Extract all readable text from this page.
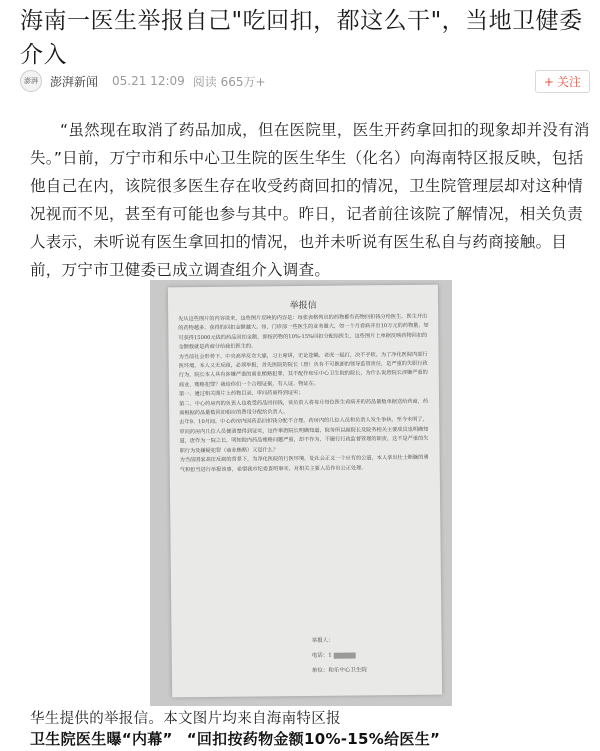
海南一医生举报自己"吃回扣，都这么干"，当地卫健委介入
澎湃 澎湃新闻 05.21 12:09 阅读 665万+	+ 关注
“虽然现在取消了药品加成，但在医院里，医生开药拿回扣的现象却并没有消失。”日前，万宁市和乐中心卫生院的医生华生（化名）向海南特区报反映，包括他自己在内，该院很多医生存在收受药商回扣的情况，卫生院管理层却对这种情况视而不见，甚至有可能也参与其中。昨日，记者前往该院了解情况，相关负责人表示，未听说有医生拿回扣的情况，也并未听说有医生私自与药商接触。目前，万宁市卫健委已成立调查组介入调查。
举报信
先从这些图片的内容谈来，这些图片反映的内容是：每张表格列出的药物都有药物回扣钱分给医生。医生开出的药物越多，获得的回扣金额越大。如，门诊部一些医生的业务量大，如一个月看病开出10万元的药物量，如可获得15000元钱的药品回扣金额，即按药物的10%-15%回扣分配给医生，这些图片上单据反映药物回扣的金额数就是药商分给我们医生的。
为当前社会形势下，中央高举反贪大旗，习主席讲，无论苍蝇、老虎一起打，决不手软。为了净化医院内部行医环境，本人又无反顾，必须举报，首先医院的院长（唐）负有不可推卸的领导监管责任，是严重的失职行政行为，院长本人具有涉嫌严重的商业贿赂犯罪，其不配作和乐中心卫生院的院长，为什么说唐院长涉嫌严重的商业，贿赂犯罪？我给你们一个合理证据，有人证、物证在。
第一、通过相关图片上药物目录，审问药商得到证实；
第二、中心药房内的负责人也收受药品回扣钱，该负责人将每月每位医生看病开的药品量数单据送给药商，药商根据药品量数回扣相应的费用分配给负责人。
去年9、10月间，中心药房内因药品回扣钱分配不合理，药房内的几位人员和负责人发生争执，至今未明了，审问药房内几位人员便清楚得到证实，这件事唐院长明确知道，院务所以副院长及院务相关主要成员也明确知道，唐作为一院之长，明知院内药品贿赂问题严重，却不作为，不履行行政监督管理的职责，这不是严重的失职行为及嫌疑犯罪（商业贿赂）又是什么？
为当前国家高压反腐的背景下，为净化医院的行医环境，处社会正义一个应有的公道，本人拿出壮士断腕的勇气和担当进行举报该事，希望我市纪委查明事实，对相关主要人员作出公正处理。
举报人：
电话：1
单位：和乐中心卫生院
华生提供的举报信。本文图片均来自海南特区报
卫生院医生曝“内幕” “回扣按药物金额10%-15%给医生”
